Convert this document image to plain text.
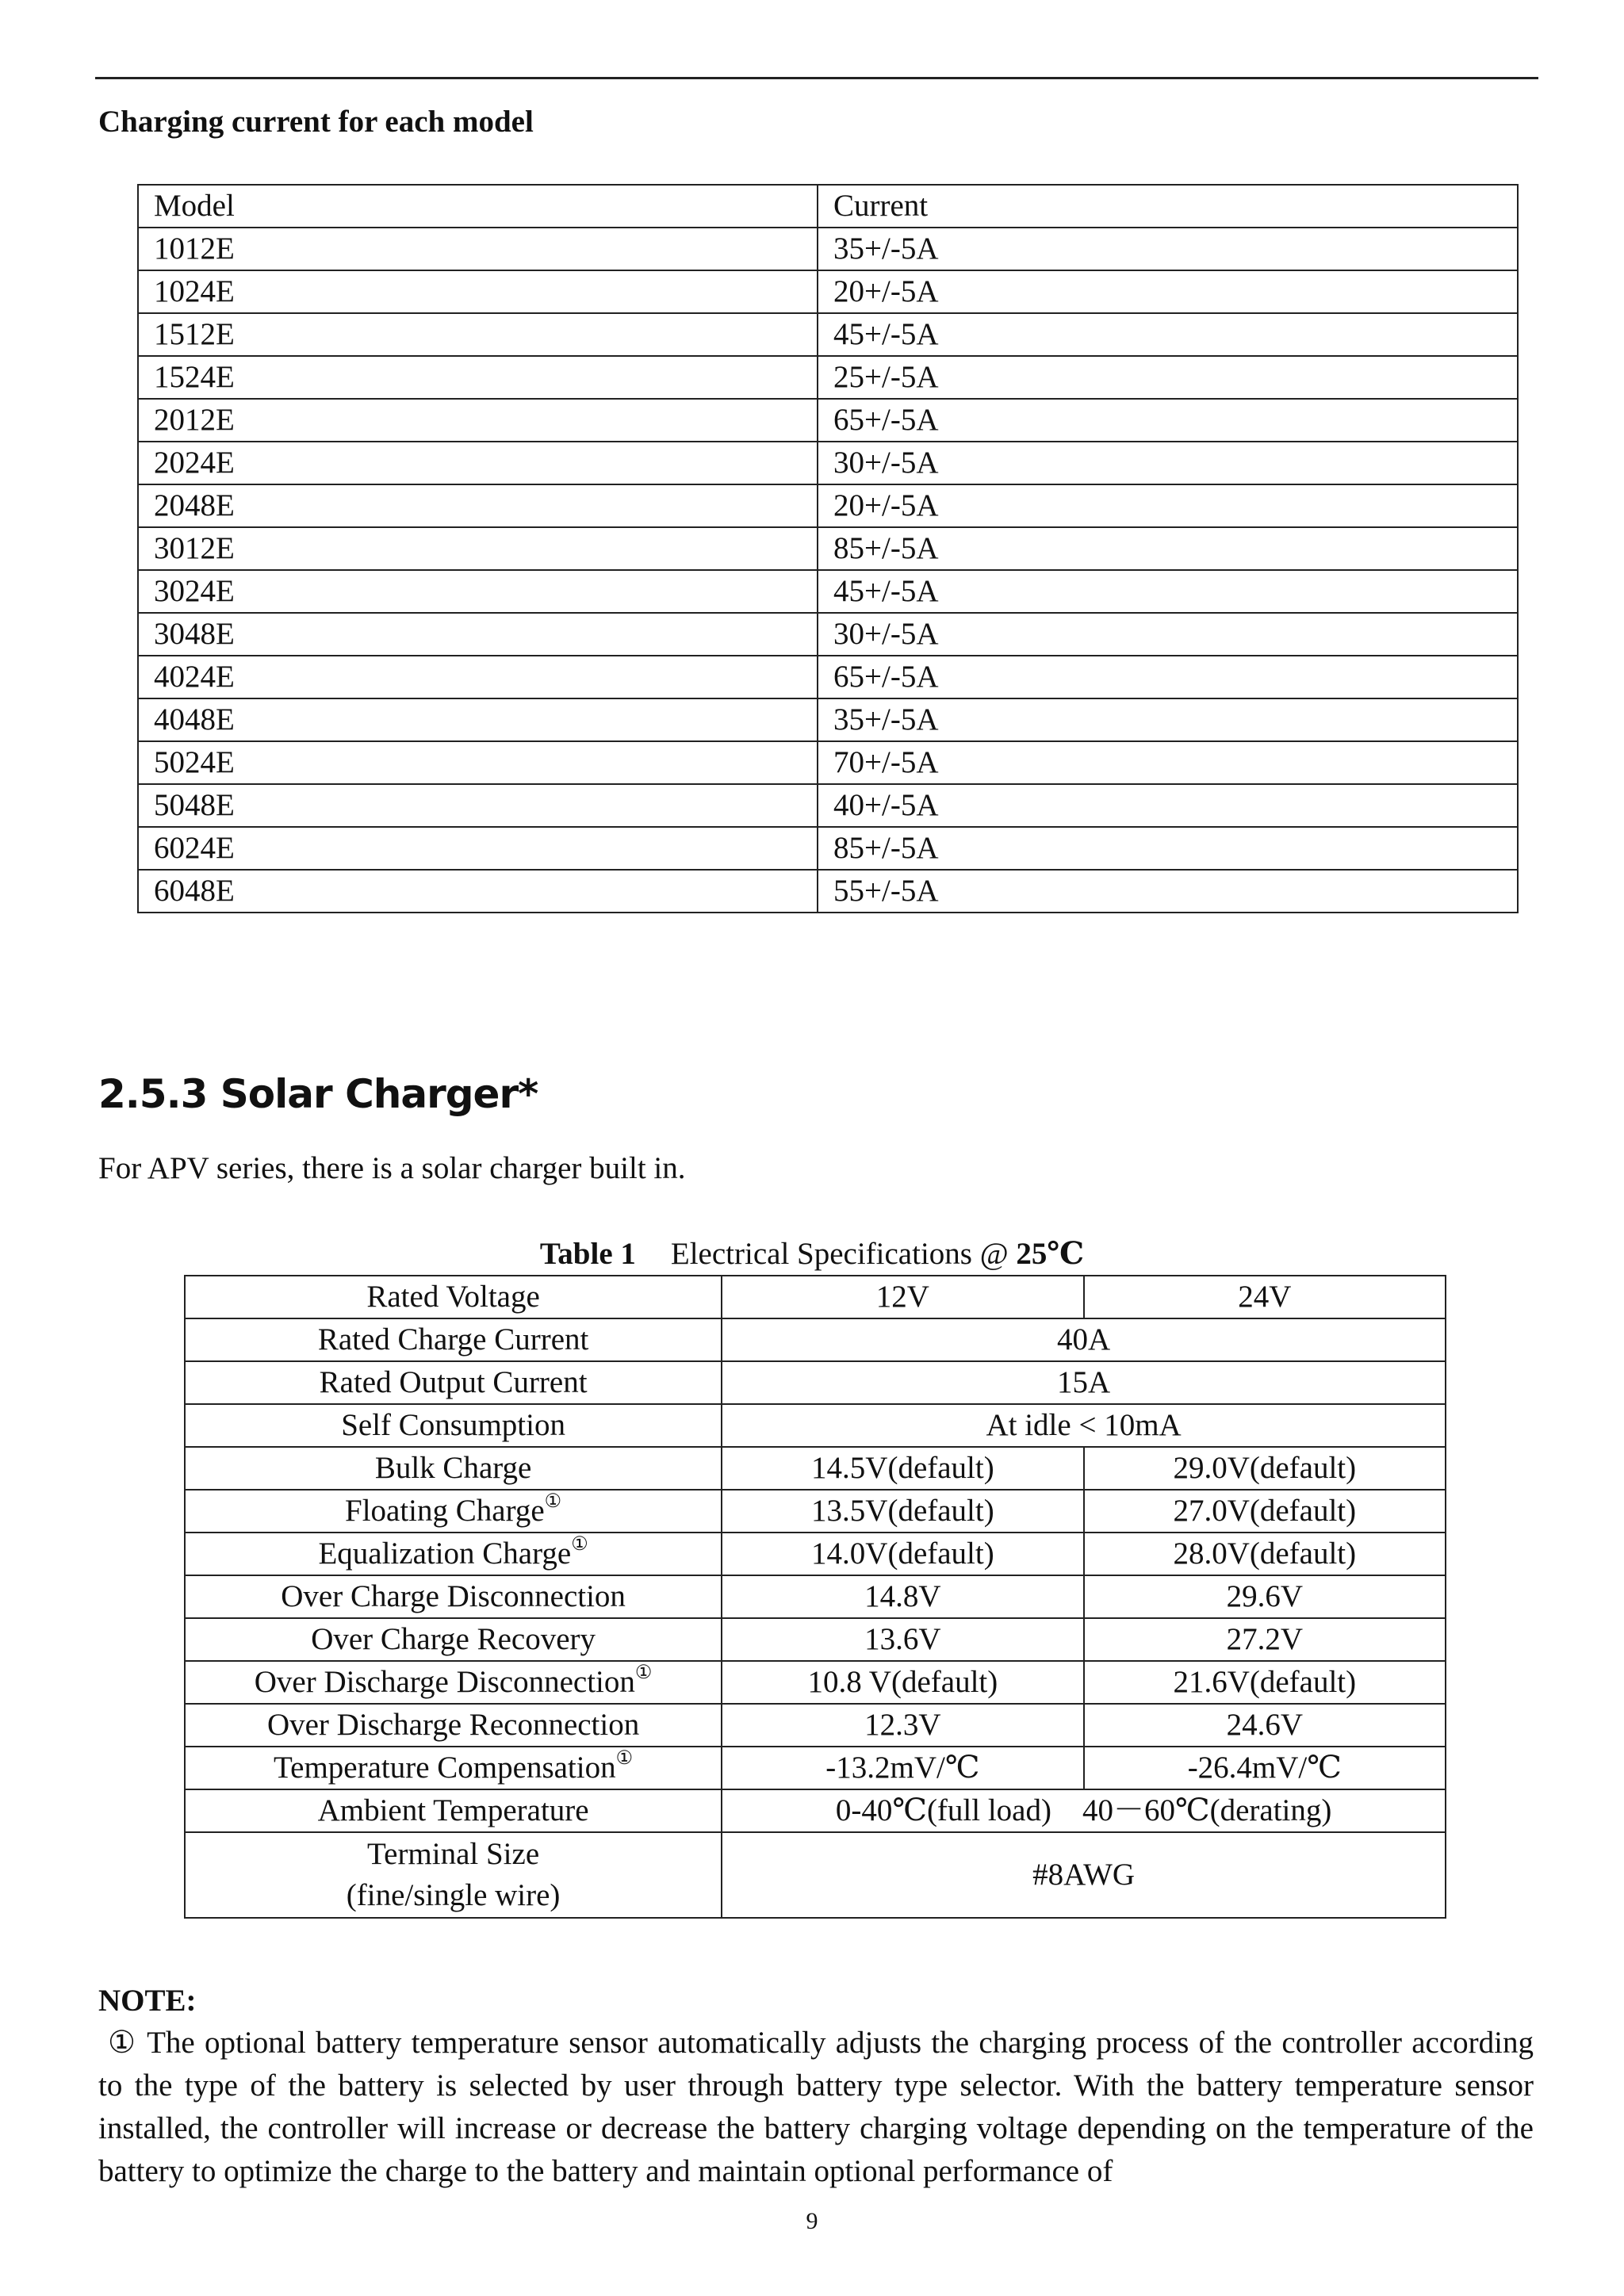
Charging current for each model
Model	Current
1012E	35+/-5A
1024E	20+/-5A
1512E	45+/-5A
1524E	25+/-5A
2012E	65+/-5A
2024E	30+/-5A
2048E	20+/-5A
3012E	85+/-5A
3024E	45+/-5A
3048E	30+/-5A
4024E	65+/-5A
4048E	35+/-5A
5024E	70+/-5A
5048E	40+/-5A
6024E	85+/-5A
6048E	55+/-5A
2.5.3 Solar Charger*
For APV series, there is a solar charger built in.
Table 1 Electrical Specifications @ 25℃
Rated Voltage	12V	24V
Rated Charge Current	40A	
Rated Output Current	15A	
Self Consumption	At idle < 10mA	
Bulk Charge	14.5V(default)	29.0V(default)
Floating Charge①	13.5V(default)	27.0V(default)
Equalization Charge①	14.0V(default)	28.0V(default)
Over Charge Disconnection	14.8V	29.6V
Over Charge Recovery	13.6V	27.2V
Over Discharge Disconnection①	10.8 V(default)	21.6V(default)
Over Discharge Reconnection	12.3V	24.6V
Temperature Compensation①	-13.2mV/℃	-26.4mV/℃
Ambient Temperature	0-40℃(full load)    40－60℃(derating)	
Terminal Size
(fine/single wire)	#8AWG	
NOTE:
① The optional battery temperature sensor automatically adjusts the charging process of the controller according to the type of the battery is selected by user through battery type selector. With the battery temperature sensor installed, the controller will increase or decrease the battery charging voltage depending on the temperature of the battery to optimize the charge to the battery and maintain optional performance of
9
